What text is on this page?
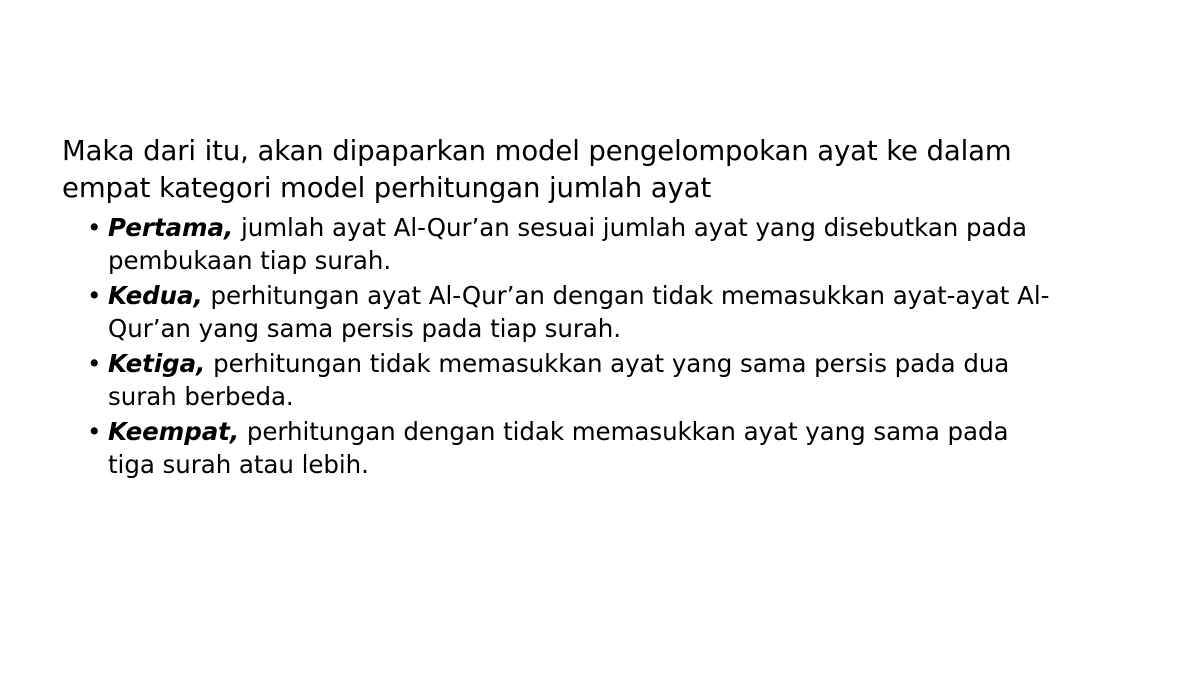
Maka dari itu, akan dipaparkan model pengelompokan ayat ke dalam empat kategori model perhitungan jumlah ayat

• Pertama, jumlah ayat Al-Qur’an sesuai jumlah ayat yang disebutkan pada pembukaan tiap surah.
• Kedua, perhitungan ayat Al-Qur’an dengan tidak memasukkan ayat-ayat Al-Qur’an yang sama persis pada tiap surah.
• Ketiga, perhitungan tidak memasukkan ayat yang sama persis pada dua surah berbeda.
• Keempat, perhitungan dengan tidak memasukkan ayat yang sama pada tiga surah atau lebih.
